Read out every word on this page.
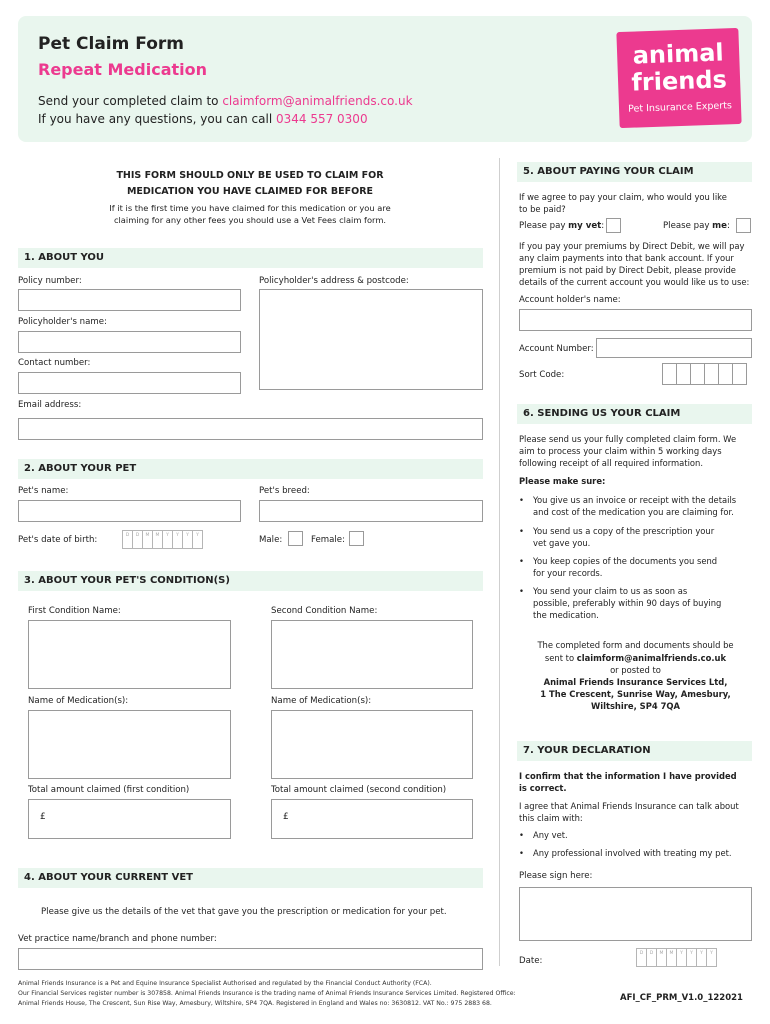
Pet Claim Form
Repeat Medication
Send your completed claim to claimform@animalfriends.co.uk
If you have any questions, you can call 0344 557 0300
animal
friends
Pet Insurance Experts
THIS FORM SHOULD ONLY BE USED TO CLAIM FOR
MEDICATION YOU HAVE CLAIMED FOR BEFORE
If it is the first time you have claimed for this medication or you are
claiming for any other fees you should use a Vet Fees claim form.
1. ABOUT YOU
Policy number:	Policyholder's address & postcode:
Policyholder's name:
Contact number:
Email address:
2. ABOUT YOUR PET
Pet's name:	Pet's breed:
Pet's date of birth:	D	D	M	M	Y	Y	Y	Y	Male:	Female:
3. ABOUT YOUR PET'S CONDITION(S)
First Condition Name:	Second Condition Name:
Name of Medication(s):	Name of Medication(s):
Total amount claimed (first condition)	Total amount claimed (second condition)
£	£
4. ABOUT YOUR CURRENT VET
Please give us the details of the vet that gave you the prescription or medication for your pet.
Vet practice name/branch and phone number:
5. ABOUT PAYING YOUR CLAIM
If we agree to pay your claim, who would you like
to be paid?
Please pay my vet:	Please pay me:
If you pay your premiums by Direct Debit, we will pay
any claim payments into that bank account. If your
premium is not paid by Direct Debit, please provide
details of the current account you would like us to use:
Account holder's name:
Account Number:
Sort Code:
6. SENDING US YOUR CLAIM
Please send us your fully completed claim form. We
aim to process your claim within 5 working days
following receipt of all required information.
Please make sure:
• You give us an invoice or receipt with the details
and cost of the medication you are claiming for.
• You send us a copy of the prescription your
vet gave you.
• You keep copies of the documents you send
for your records.
• You send your claim to us as soon as
possible, preferably within 90 days of buying
the medication.
The completed form and documents should be
sent to claimform@animalfriends.co.uk
or posted to
Animal Friends Insurance Services Ltd,
1 The Crescent, Sunrise Way, Amesbury,
Wiltshire, SP4 7QA
7. YOUR DECLARATION
I confirm that the information I have provided
is correct.
I agree that Animal Friends Insurance can talk about
this claim with:
• Any vet.
• Any professional involved with treating my pet.
Please sign here:
Date:
D	D	M	M	Y	Y	Y	Y
Animal Friends Insurance is a Pet and Equine Insurance Specialist Authorised and regulated by the Financial Conduct Authority (FCA).
Our Financial Services register number is 307858. Animal Friends Insurance is the trading name of Animal Friends Insurance Services Limited. Registered Office:
Animal Friends House, The Crescent, Sun Rise Way, Amesbury, Wiltshire, SP4 7QA. Registered in England and Wales no: 3630812. VAT No.: 975 2883 68.
AFI_CF_PRM_V1.0_122021
